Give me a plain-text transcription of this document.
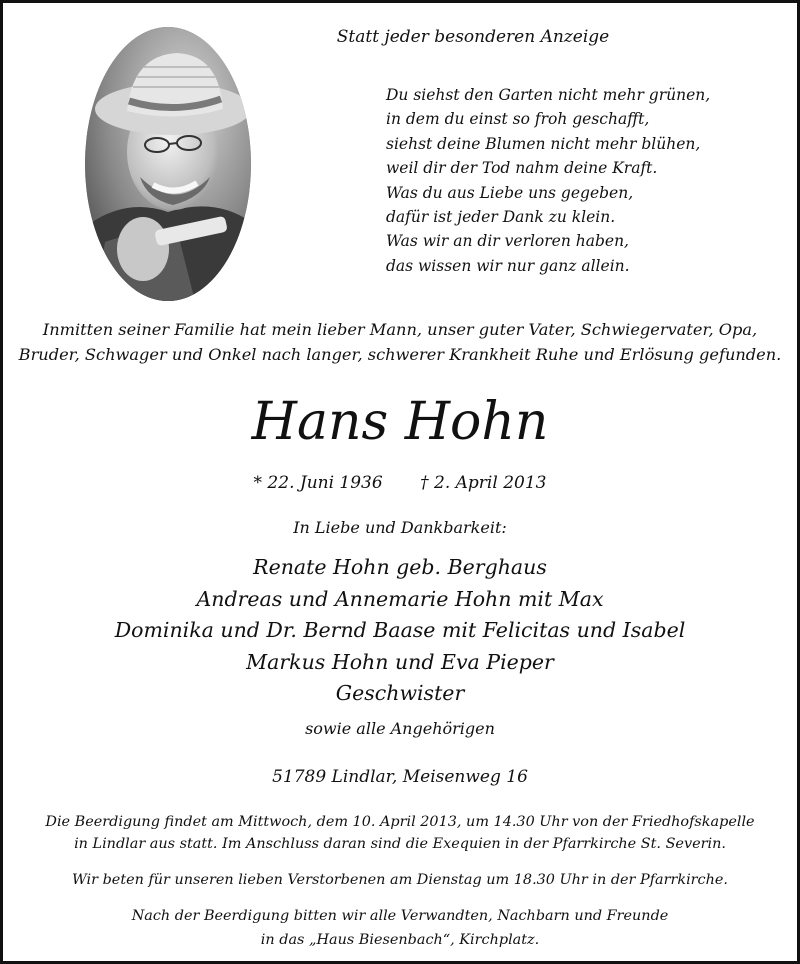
Statt jeder besonderen Anzeige

Du siehst den Garten nicht mehr grünen,
in dem du einst so froh geschafft,
siehst deine Blumen nicht mehr blühen,
weil dir der Tod nahm deine Kraft.
Was du aus Liebe uns gegeben,
dafür ist jeder Dank zu klein.
Was wir an dir verloren haben,
das wissen wir nur ganz allein.

Inmitten seiner Familie hat mein lieber Mann, unser guter Vater, Schwiegervater, Opa,
Bruder, Schwager und Onkel nach langer, schwerer Krankheit Ruhe und Erlösung gefunden.

Hans Hohn

* 22. Juni 1936 † 2. April 2013

In Liebe und Dankbarkeit:

Renate Hohn geb. Berghaus
Andreas und Annemarie Hohn mit Max
Dominika und Dr. Bernd Baase mit Felicitas und Isabel
Markus Hohn und Eva Pieper
Geschwister

sowie alle Angehörigen

51789 Lindlar, Meisenweg 16

Die Beerdigung findet am Mittwoch, dem 10. April 2013, um 14.30 Uhr von der Friedhofskapelle
in Lindlar aus statt. Im Anschluss daran sind die Exequien in der Pfarrkirche St. Severin.

Wir beten für unseren lieben Verstorbenen am Dienstag um 18.30 Uhr in der Pfarrkirche.

Nach der Beerdigung bitten wir alle Verwandten, Nachbarn und Freunde
in das „Haus Biesenbach“, Kirchplatz.
